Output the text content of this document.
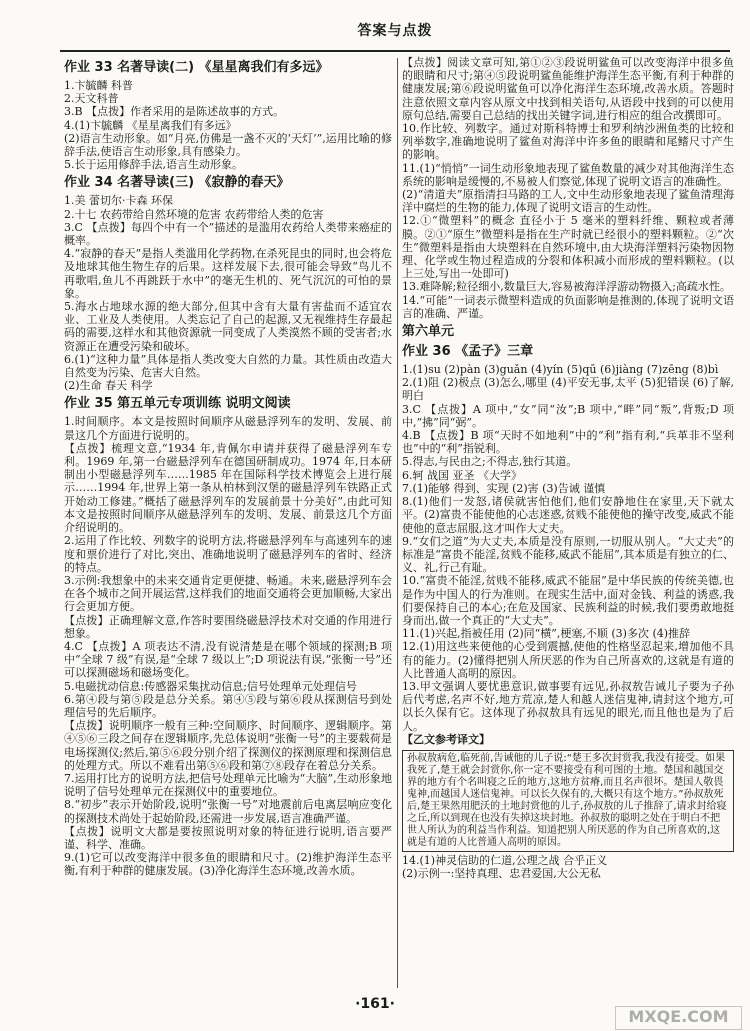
答案与点拨
作业 33 名著导读(二) 《星星离我们有多远》

1.卞毓麟 科普

2.天文科普

3.B 【点拨】作者采用的是陈述故事的方式。

4.(1)卞毓麟 《星星离我们有多远》

(2)语言生动形象。如“月亮,仿佛是一盏不灭的‘天灯’”,运用比喻的修辞手法,使语言生动形象,具有感染力。

5.长于运用修辞手法,语言生动形象。

作业 34 名著导读(三) 《寂静的春天》

1.美 蕾切尔·卡森 环保

2.十七 农药带给自然环境的危害 农药带给人类的危害

3.C 【点拨】每四个中有一个”描述的是滥用农药给人类带来癌症的概率。

4.“寂静的春天”是指人类滥用化学药物,在杀死昆虫的同时,也会将危及地球其他生物生存的后果。这样发展下去,很可能会导致“鸟儿不再歌唱,鱼儿不再跳跃于水中”的毫无生机的、死气沉沉的可怕的景象。

5.海水占地球水源的绝大部分,但其中含有大量有害盐而不适宜农业、工业及人类使用。人类忘记了自己的起源,又无视维持生存最起码的需要,这样水和其他资源就一同变成了人类漠然不顾的受害者;水资源正在遭受污染和破坏。

6.(1)“这种力量”具体是指人类改变大自然的力量。其性质由改造大自然变为污染、危害大自然。

(2)生命 春天 科学

作业 35 第五单元专项训练 说明文阅读

1.时间顺序。本文是按照时间顺序从磁悬浮列车的发明、发展、前景这几个方面进行说明的。

【点拨】梳理文意,“1934 年,肯佩尔申请并获得了磁悬浮列车专利。1969 年,第一台磁悬浮列车在德国研制成功。1974 年,日本研制出小型磁悬浮列车……1985 年在国际科学技术博览会上进行展示……1994 年,世界上第一条从柏林到汉堡的磁悬浮列车铁路正式开始动工修建。”概括了磁悬浮列车的发展前景十分美好”,由此可知本文是按照时间顺序从磁悬浮列车的发明、发展、前景这几个方面介绍说明的。

2.运用了作比较、列数字的说明方法,将磁悬浮列车与高速列车的速度和票价进行了对比,突出、准确地说明了磁悬浮列车的省时、经济的特点。

3.示例:我想象中的未来交通肯定更便捷、畅通。未来,磁悬浮列车会在各个城市之间开展运营,这样我们的地面交通将会更加顺畅,大家出行会更加方便。

【点拨】正确理解文意,作答时要围绕磁悬浮技术对交通的作用进行想象。

4.C 【点拨】A 项表达不清,没有说清楚是在哪个领域的探测;B 项中“全球 7 级”有误,是“全球 7 级以上”;D 项说法有误,“张衡一号”还可以探测磁场和磁场变化。

5.电磁扰动信息:传感器采集扰动信息;信号处理单元处理信号

6.第④段与第⑤段是总分关系。第④⑤段与第⑥段从探测信号到处理信号的先后顺序。

【点拨】说明顺序一般有三种:空间顺序、时间顺序、逻辑顺序。第④⑤⑥三段之间存在逻辑顺序,先总体说明“张衡一号”的主要载荷是电场探测仪;然后,第⑤⑥段分别介绍了探测仪的探测原理和探测信息的处理方式。所以不难看出第⑤⑥段和第⑦⑧段存在着总分关系。

7.运用打比方的说明方法,把信号处理单元比喻为“大脑”,生动形象地说明了信号处理单元在探测仪中的重要地位。

8.“初步”表示开始阶段,说明“张衡一号”对地震前后电离层响应变化的探测技术尚处于起始阶段,还需进一步发展,语言准确严谨。

【点拨】说明文大都是要按照说明对象的特征进行说明,语言要严谨、科学、准确。

9.(1)它可以改变海洋中很多鱼的眼睛和尺寸。(2)维护海洋生态平衡,有利于种群的健康发展。(3)净化海洋生态环境,改善水质。

【点拨】阅读文章可知,第①②③段说明鲨鱼可以改变海洋中很多鱼的眼睛和尺寸;第④⑤段说明鲨鱼能维护海洋生态平衡,有利于种群的健康发展;第⑥段说明鲨鱼可以净化海洋生态环境,改善水质。答题时注意依照文章内容从原文中找到相关语句,从语段中找到的可以使用原句总结,需要自己总结的找出关键字词,进行相应的组合改撰即可。

10.作比较、列数字。通过对斯科特博士和罗利纳沙洲鱼类的比较和列举数字,准确地说明了鲨鱼对海洋中许多鱼的眼睛和尾鳍尺寸产生的影响。

11.(1)“悄悄”一词生动形象地表现了鲨鱼数量的减少对其他海洋生态系统的影响是缓慢的,不易被人们察觉,体现了说明文语言的准确性。

(2)“清道夫”原指清扫马路的工人,文中生动形象地表现了鲨鱼清理海洋中腐烂的生物的能力,体现了说明文语言的生动性。

12.①“微塑料”的概念 直径小于 5 毫米的塑料纤维、颗粒或者薄膜。②①“原生”微塑料是指在生产时就已经很小的塑料颗粒。②“次生”微塑料是指由大块塑料在自然环境中,由大块海洋塑料污染物因物理、化学或生物过程造成的分裂和体积减小而形成的塑料颗粒。(以上三处,写出一处即可)

13.难降解;粒径细小,数量巨大,容易被海洋浮游动物摄入;高疏水性。

14.“可能”一词表示微塑料造成的负面影响是推测的,体现了说明文语言的准确、严谨。

第六单元
作业 36 《孟子》三章

1.(1)su (2)pàn (3)guǎn (4)yín (5)qū (6)jiàng (7)zēng (8)bì

2.(1)阻 (2)极点 (3)怎么,哪里 (4)平安无事,太平 (5)犯错误 (6)了解,明白

3.C 【点拨】A 项中,“女”同“汝”;B 项中,“畔”同“叛”,背叛;D 项中,“拂”同“弼”。

4.B 【点拨】B 项“天时不如地利”中的“利”指有利,“兵革非不坚利也”中的“利”指锐利。

5.得志,与民由之;不得志,独行其道。

6.轲 战国 亚圣 《大学》

7.(1)能够 得到、实现 (2)害 (3)告诫 谨慎

8.(1)他们一发怒,诸侯就害怕他们,他们安静地住在家里,天下就太平。(2)富贵不能使他的心志迷惑,贫贱不能使他的操守改变,威武不能使他的意志屈服,这才叫作大丈夫。

9.“女们之道”为大丈夫,本质是没有原则,一切服从别人。“大丈夫”的标准是“富贵不能淫,贫贱不能移,威武不能屈”,其本质是有独立的仁、义、礼,行己有耻。

10.“富贵不能淫,贫贱不能移,威武不能屈”是中华民族的传统美德,也是作为中国人的行为准则。在现实生活中,面对金钱、利益的诱惑,我们要保持自己的本心;在危及国家、民族利益的时候,我们要勇敢地挺身而出,做一个真正的“大丈夫”。

11.(1)兴起,指被任用 (2)同“横”,梗塞,不顺 (3)多次 (4)推辞

12.(1)用这些来使他的心受到震撼,使他的性格坚忍起来,增加他不具有的能力。(2)懂得把别人所厌恶的作为自己所喜欢的,这就是有道的人比普通人高明的原因。

13.甲文强调人要忧患意识,做事要有远见,孙叔敖告诫儿子要为子孙后代考虑,名声不好,地方荒凉,楚人和越人迷信鬼神,请封这个地方,可以长久保有它。这体现了孙叔敖具有远见的眼光,而且他也是为了后人。

【乙文参考译文】
孙叔敖病危,临死前,告诫他的儿子说:“楚王多次封赏我,我没有接受。如果我死了,楚王就会封赏你,你一定不要接受有利可图的土地。楚国和越国交界的地方有个名叫寝之丘的地方,这地方贫瘠,而且名声很坏。楚国人敬畏鬼神,而越国人迷信鬼神。可以长久保有的,大概只有这个地方。”孙叔敖死后,楚王果然用肥沃的土地封赏他的儿子,孙叔敖的儿子推辞了,请求封给寝之丘,所以到现在也没有失掉这块封地。孙叔敖的聪明之处在于明白不把世人所认为的利益当作利益。知道把别人所厌恶的作为自己所喜欢的,这就是有道的人比普通人高明的原因。

14.(1)神灵信助的仁道,公理之战 合乎正义

(2)示例一:坚持真理、忠君爱国,大公无私

·161·
MXQE.COM
